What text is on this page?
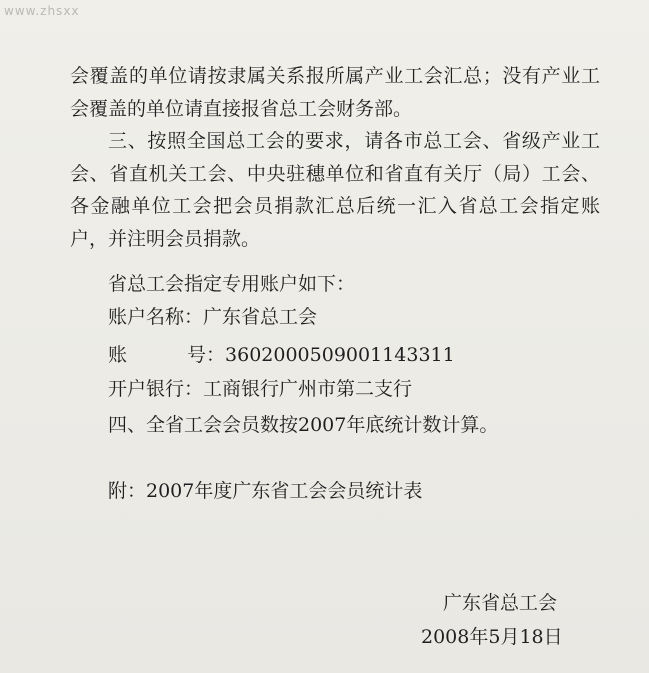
www.zhsxx

会覆盖的单位请按隶属关系报所属产业工会汇总；没有产业工会覆盖的单位请直接报省总工会财务部。

三、按照全国总工会的要求，请各市总工会、省级产业工会、省直机关工会、中央驻穗单位和省直有关厅（局）工会、各金融单位工会把会员捐款汇总后统一汇入省总工会指定账户，并注明会员捐款。

省总工会指定专用账户如下：
账户名称：广东省总工会
账	号：36020005090011433​11
开户银行：工商银行广州市第二支行
四、全省工会会员数按2007年底统计数计算。
附：2007年度广东省工会会员统计表
广东省总工会
2008年5月18日
